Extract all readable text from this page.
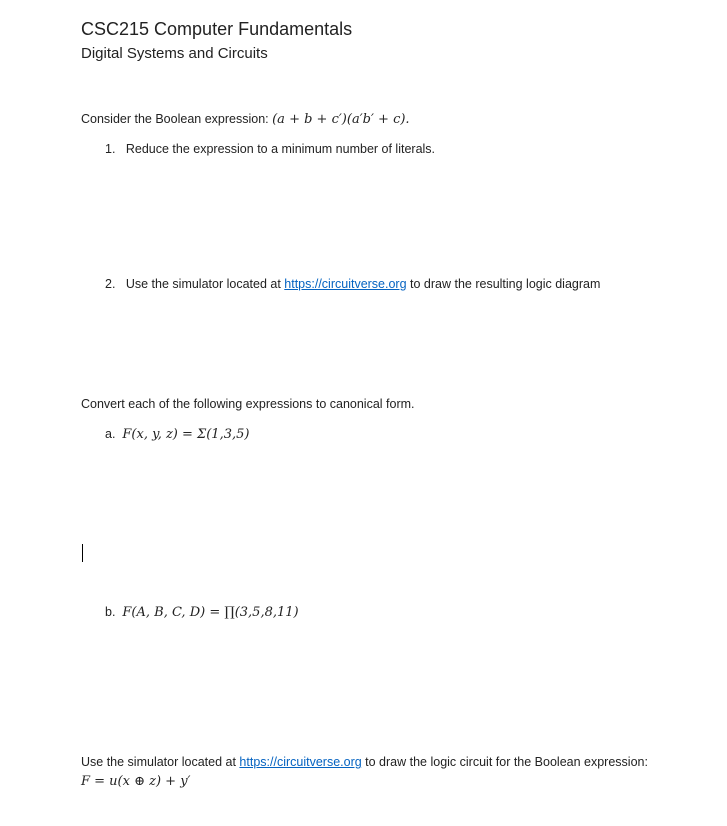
CSC215 Computer Fundamentals
Digital Systems and Circuits
Consider the Boolean expression: (a + b + c′)(a′b′ + c).
1. Reduce the expression to a minimum number of literals.
2. Use the simulator located at https://circuitverse.org to draw the resulting logic diagram
Convert each of the following expressions to canonical form.
a. F(x, y, z) = Σ(1,3,5)
b. F(A, B, C, D) = ∏(3,5,8,11)
Use the simulator located at https://circuitverse.org to draw the logic circuit for the Boolean expression:
F = u(x ⊕ z) + y′
